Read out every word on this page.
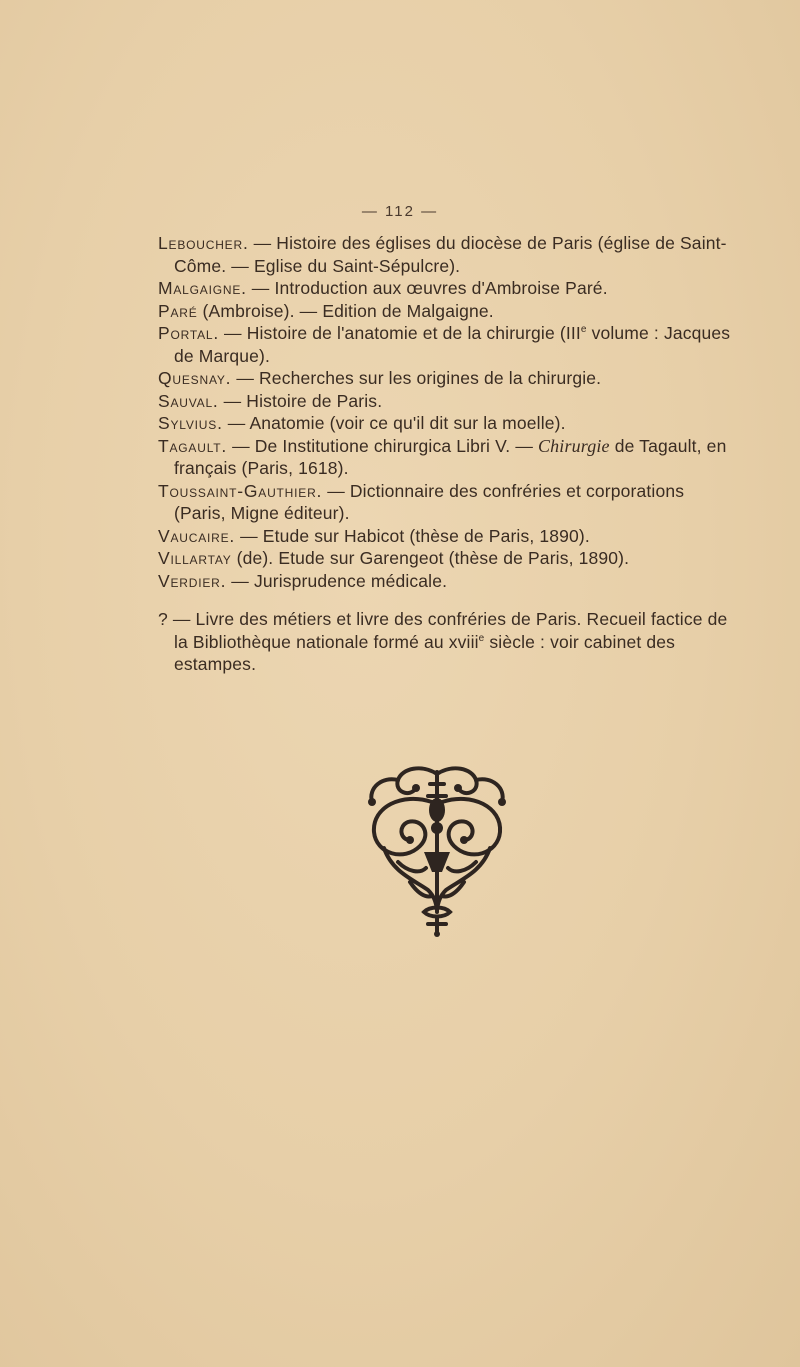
— 112 —

Leboucher. — Histoire des églises du diocèse de Paris (église de Saint-Côme. — Eglise du Saint-Sépulcre).

Malgaigne. — Introduction aux œuvres d'Ambroise Paré.

Paré (Ambroise). — Edition de Malgaigne.

Portal. — Histoire de l'anatomie et de la chirurgie (IIIe volume : Jacques de Marque).

Quesnay. — Recherches sur les origines de la chirurgie.

Sauval. — Histoire de Paris.

Sylvius. — Anatomie (voir ce qu'il dit sur la moelle).

Tagault. — De Institutione chirurgica Libri V. — Chirurgie de Tagault, en français (Paris, 1618).

Toussaint-Gauthier. — Dictionnaire des confréries et corporations (Paris, Migne éditeur).

Vaucaire. — Etude sur Habicot (thèse de Paris, 1890).

Villartay (de). Etude sur Garengeot (thèse de Paris, 1890).

Verdier. — Jurisprudence médicale.

? — Livre des métiers et livre des confréries de Paris. Recueil factice de la Bibliothèque nationale formé au xviii$^e$ siècle : voir cabinet des estampes.
